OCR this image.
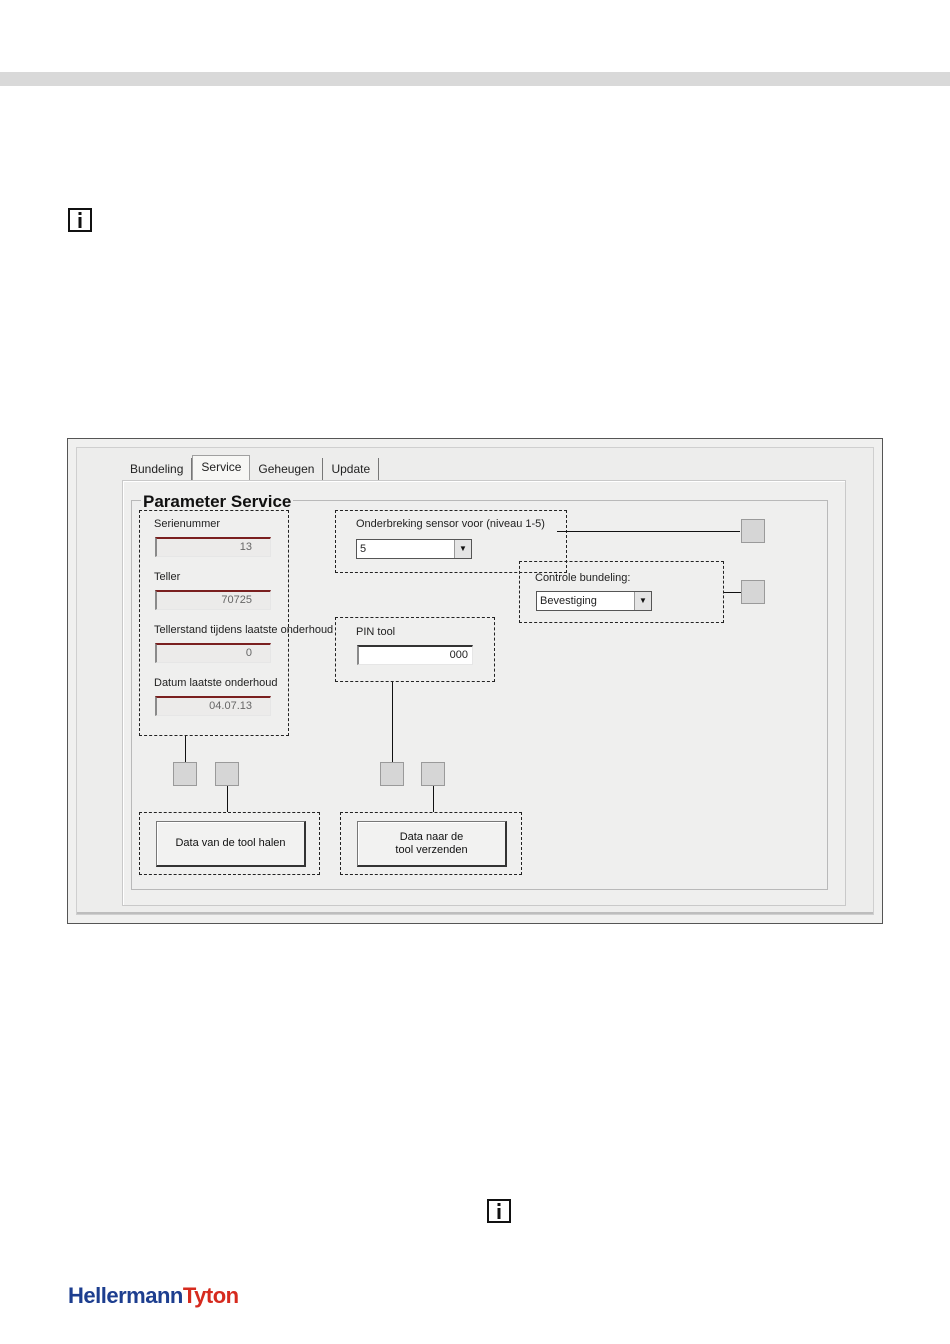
Bundeling	Service	Geheugen	Update
Parameter Service
Serienummer
13
Teller
70725
Tellerstand tijdens laatste onderhoud
0
Datum laatste onderhoud
04.07.13
Onderbreking sensor voor (niveau 1-5)
5	▼
Controle bundeling:
Bevestiging	▼
PIN tool
000
Data van de tool halen
Data naar de
tool verzenden
HellermannTyton
